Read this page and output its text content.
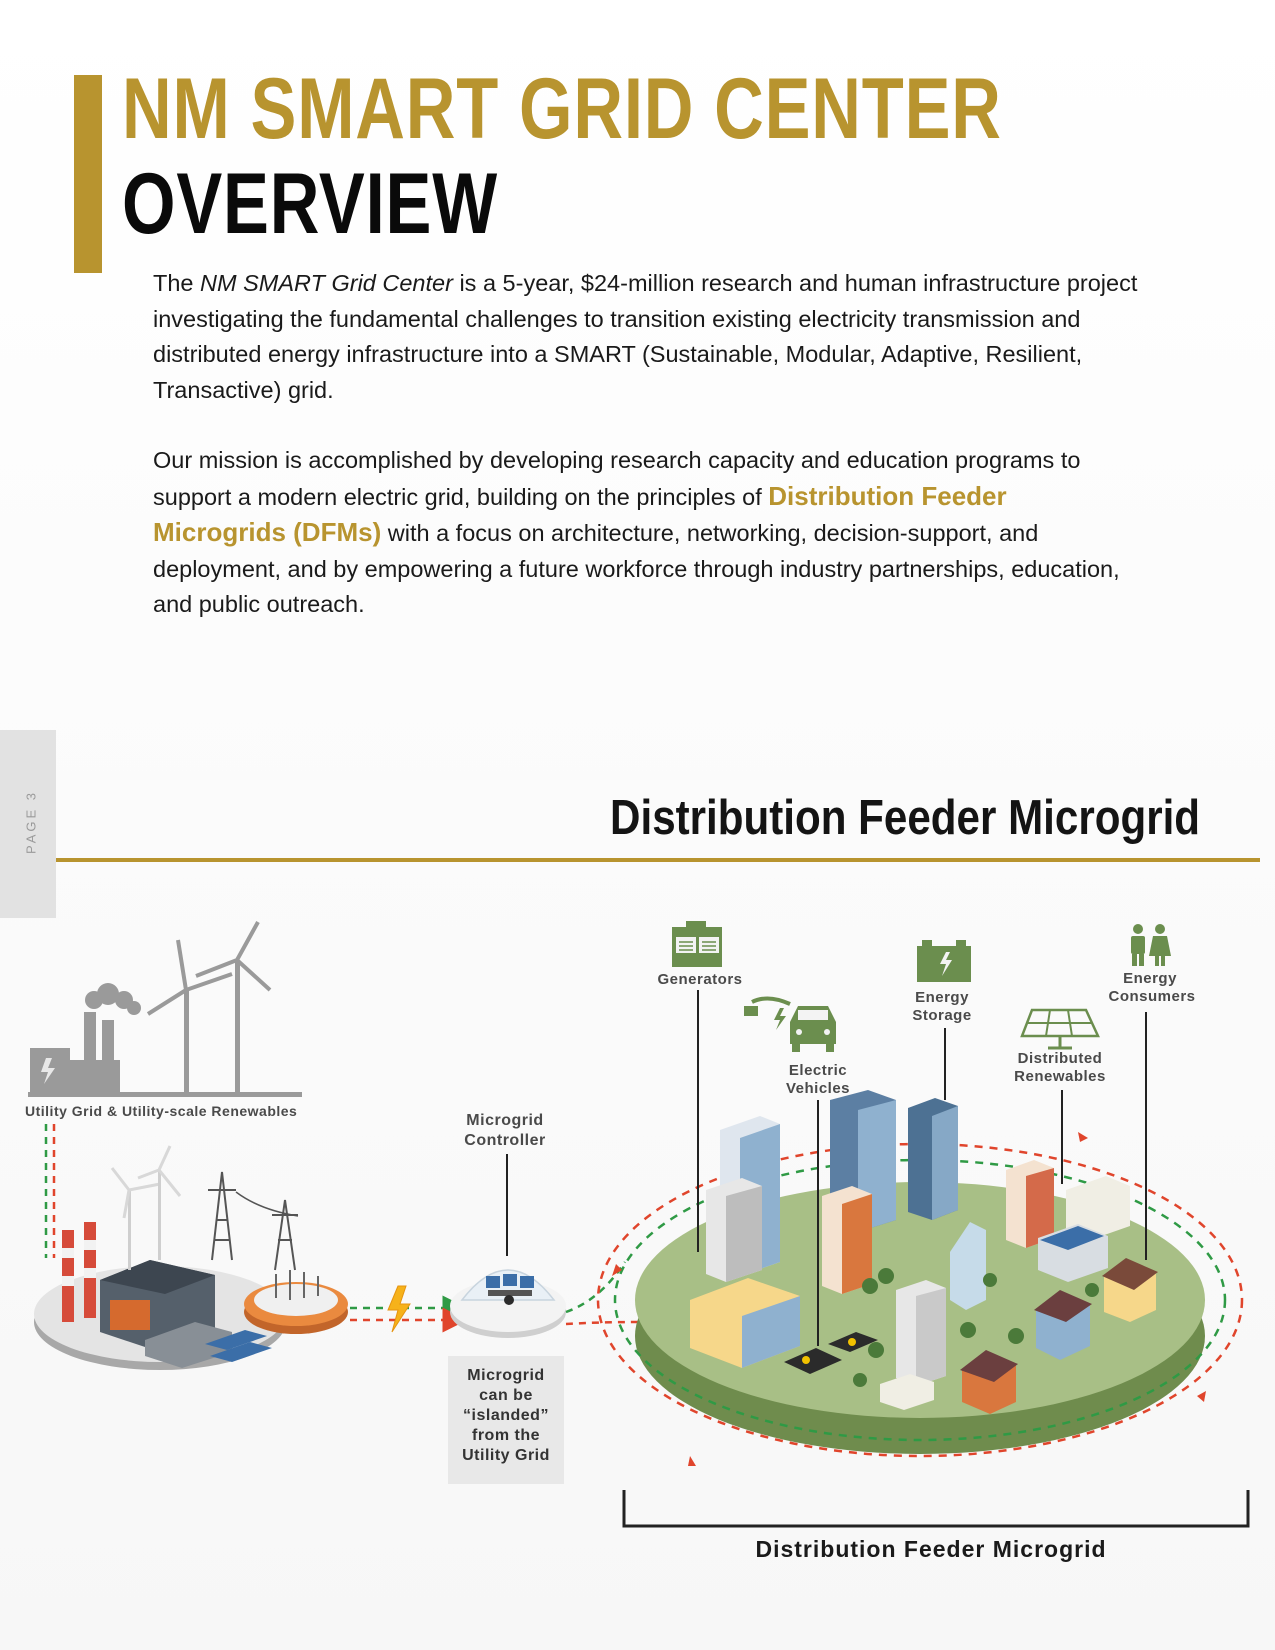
NM SMART GRID CENTER
OVERVIEW

The NM SMART Grid Center is a 5-year, $24-million research and human infrastructure project investigating the fundamental challenges to transition existing electricity transmission and distributed energy infrastructure into a SMART (Sustainable, Modular, Adaptive, Resilient, Transactive) grid.

Our mission is accomplished by developing research capacity and education programs to support a modern electric grid, building on the principles of Distribution Feeder Microgrids (DFMs) with a focus on architecture, networking, decision-support, and deployment, and by empowering a future workforce through industry partnerships, education, and public outreach.

PAGE 3	Distribution Feeder Microgrid
Utility Grid & Utility-scale Renewables
Microgrid
Controller
Generators
Electric
Vehicles
Energy
Storage
Distributed
Renewables
Energy
Consumers
Microgrid
can be
“islanded”
from the
Utility Grid
Distribution Feeder Microgrid
